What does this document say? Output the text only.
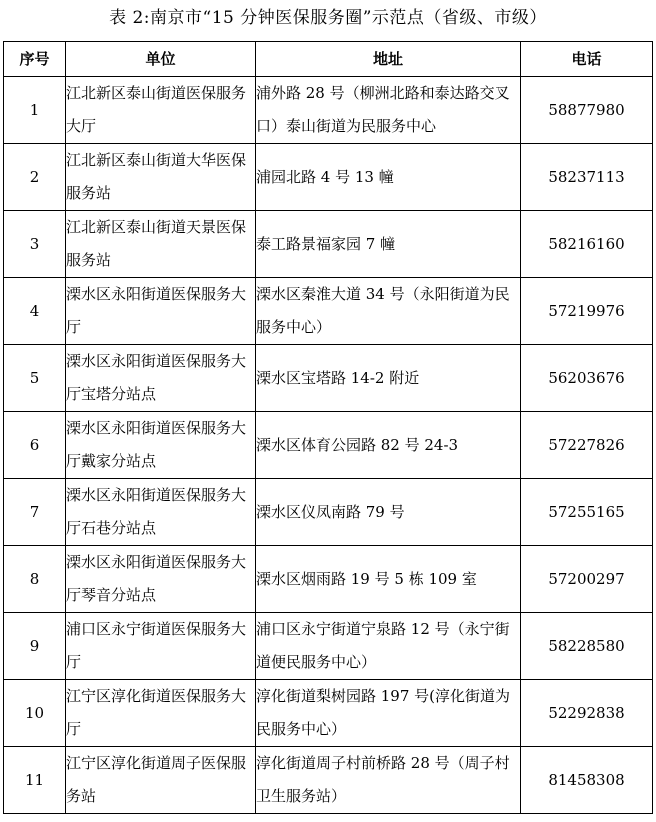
表 2:南京市“15 分钟医保服务圈”示范点（省级、市级）
序号	单位	地址	电话

1	江北新区泰山街道医保服务大厅	浦外路 28 号（柳洲北路和泰达路交叉口）泰山街道为民服务中心	58877980

2	江北新区泰山街道大华医保服务站	浦园北路 4 号 13 幢	58237113

3	江北新区泰山街道天景医保服务站	泰工路景福家园 7 幢	58216160

4	溧水区永阳街道医保服务大厅	溧水区秦淮大道 34 号（永阳街道为民服务中心）	57219976

5	溧水区永阳街道医保服务大厅宝塔分站点	溧水区宝塔路 14-2 附近	56203676

6	溧水区永阳街道医保服务大厅戴家分站点	溧水区体育公园路 82 号 24-3	57227826

7	溧水区永阳街道医保服务大厅石巷分站点	溧水区仪凤南路 79 号	57255165

8	溧水区永阳街道医保服务大厅琴音分站点	溧水区烟雨路 19 号 5 栋 109 室	57200297

9	浦口区永宁街道医保服务大厅	浦口区永宁街道宁泉路 12 号（永宁街道便民服务中心）	58228580

10	江宁区淳化街道医保服务大厅	淳化街道梨树园路 197 号(淳化街道为民服务中心）	52292838

11	江宁区淳化街道周子医保服务站	淳化街道周子村前桥路 28 号（周子村卫生服务站）	81458308
